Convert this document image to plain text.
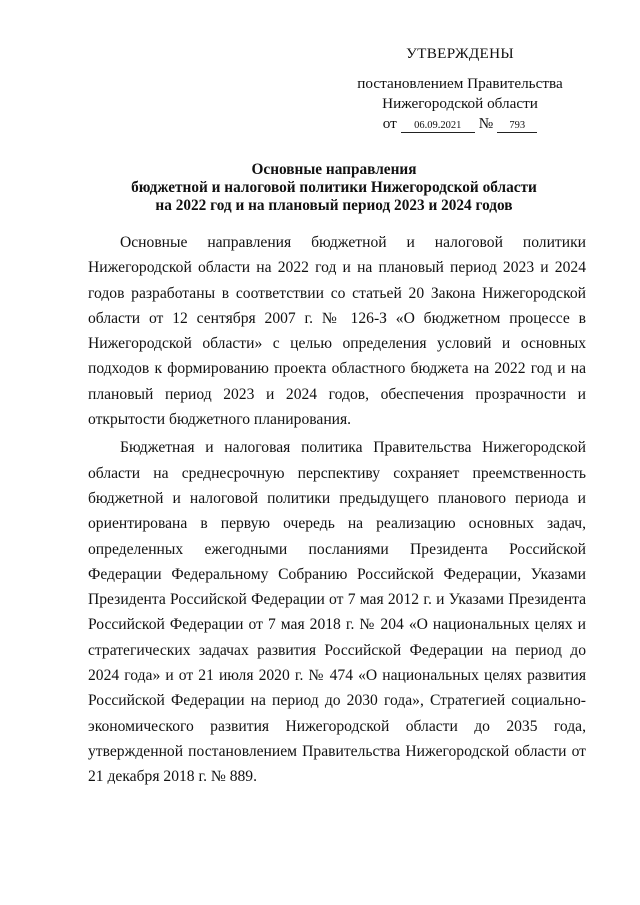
УТВЕРЖДЕНЫ
постановлением Правительства
Нижегородской области
от	06.09.2021	№	793
Основные направления
бюджетной и налоговой политики Нижегородской области
на 2022 год и на плановый период 2023 и 2024 годов

Основные направления бюджетной и налоговой политики Нижегородской области на 2022 год и на плановый период 2023 и 2024 годов разработаны в соответствии со статьей 20 Закона Нижегородской области от 12 сентября 2007 г. № 126-З «О бюджетном процессе в Нижегородской области» с целью определения условий и основных подходов к формированию проекта областного бюджета на 2022 год и на плановый период 2023 и 2024 годов, обеспечения прозрачности и открытости бюджетного планирования.

Бюджетная и налоговая политика Правительства Нижегородской области на среднесрочную перспективу сохраняет преемственность бюджетной и налоговой политики предыдущего планового периода и ориентирована в первую очередь на реализацию основных задач, определенных ежегодными посланиями Президента Российской Федерации Федеральному Собранию Российской Федерации, Указами Президента Российской Федерации от 7 мая 2012 г. и Указами Президента Российской Федерации от 7 мая 2018 г. № 204 «О национальных целях и стратегических задачах развития Российской Федерации на период до 2024 года» и от 21 июля 2020 г. № 474 «О национальных целях развития Российской Федерации на период до 2030 года», Стратегией социально-экономического развития Нижегородской области до 2035 года, утвержденной постановлением Правительства Нижегородской области от 21 декабря 2018 г. № 889.
